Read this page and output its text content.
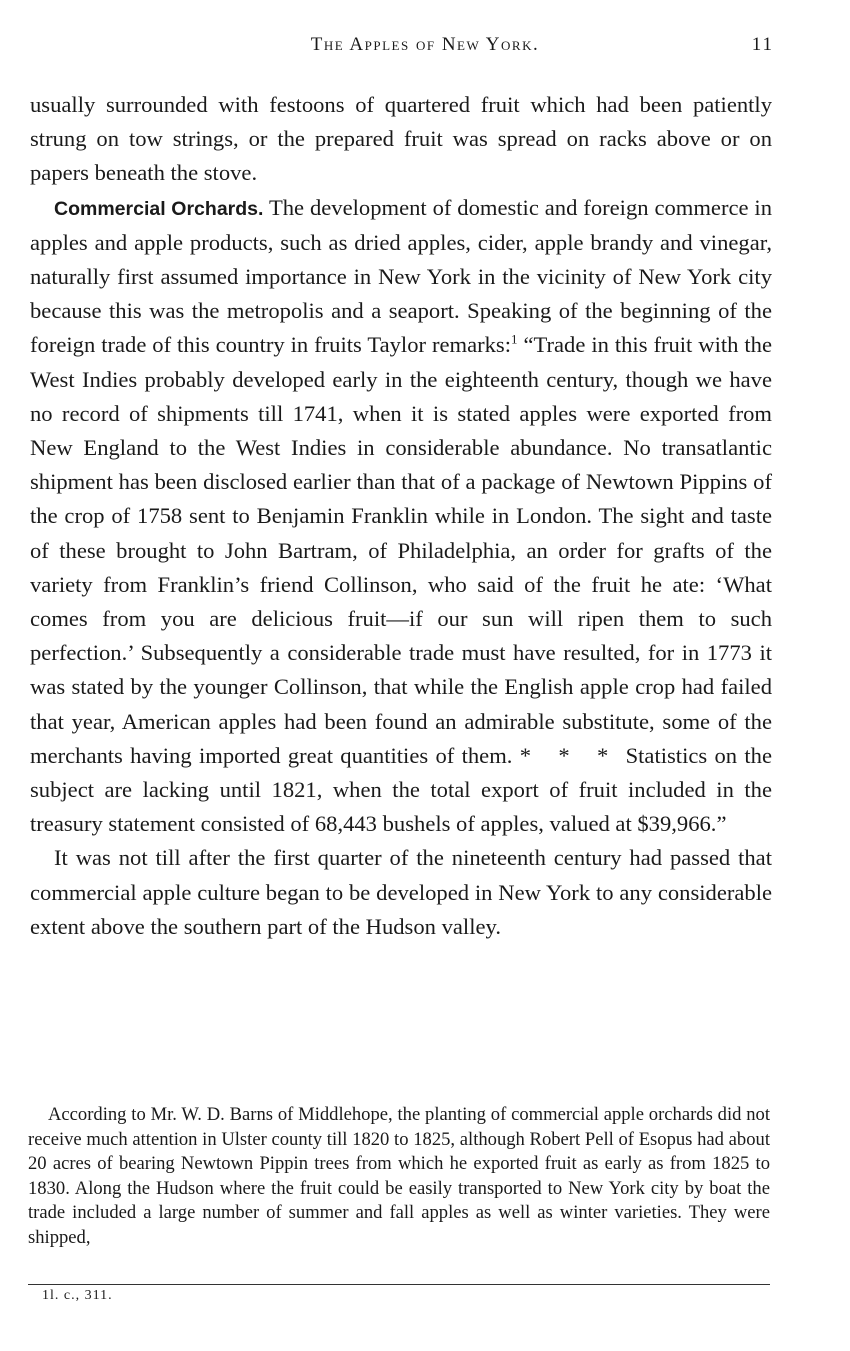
The Apples of New York.	11

usually surrounded with festoons of quartered fruit which had been patiently strung on tow strings, or the prepared fruit was spread on racks above or on papers beneath the stove.

Commercial Orchards. The development of domestic and foreign commerce in apples and apple products, such as dried apples, cider, apple brandy and vinegar, naturally first assumed importance in New York in the vicinity of New York city because this was the metropolis and a seaport. Speaking of the beginning of the foreign trade of this country in fruits Taylor remarks:$^1$ “Trade in this fruit with the West Indies probably developed early in the eighteenth century, though we have no record of shipments till 1741, when it is stated apples were exported from New England to the West Indies in considerable abundance. No transatlantic shipment has been disclosed earlier than that of a package of Newtown Pippins of the crop of 1758 sent to Benjamin Franklin while in London. The sight and taste of these brought to John Bartram, of Philadelphia, an order for grafts of the variety from Franklin’s friend Collinson, who said of the fruit he ate: ‘What comes from you are delicious fruit—if our sun will ripen them to such perfection.’ Subsequently a considerable trade must have resulted, for in 1773 it was stated by the younger Collinson, that while the English apple crop had failed that year, American apples had been found an admirable substitute, some of the merchants having imported great quantities of them. * * * Statistics on the subject are lacking until 1821, when the total export of fruit included in the treasury statement consisted of 68,443 bushels of apples, valued at $39,966.”

It was not till after the first quarter of the nineteenth century had passed that commercial apple culture began to be developed in New York to any considerable extent above the southern part of the Hudson valley.

According to Mr. W. D. Barns of Middlehope, the planting of commercial apple orchards did not receive much attention in Ulster county till 1820 to 1825, although Robert Pell of Esopus had about 20 acres of bearing Newtown Pippin trees from which he exported fruit as early as from 1825 to 1830. Along the Hudson where the fruit could be easily transported to New York city by boat the trade included a large number of summer and fall apples as well as winter varieties. They were shipped,

1l. c., 311.
